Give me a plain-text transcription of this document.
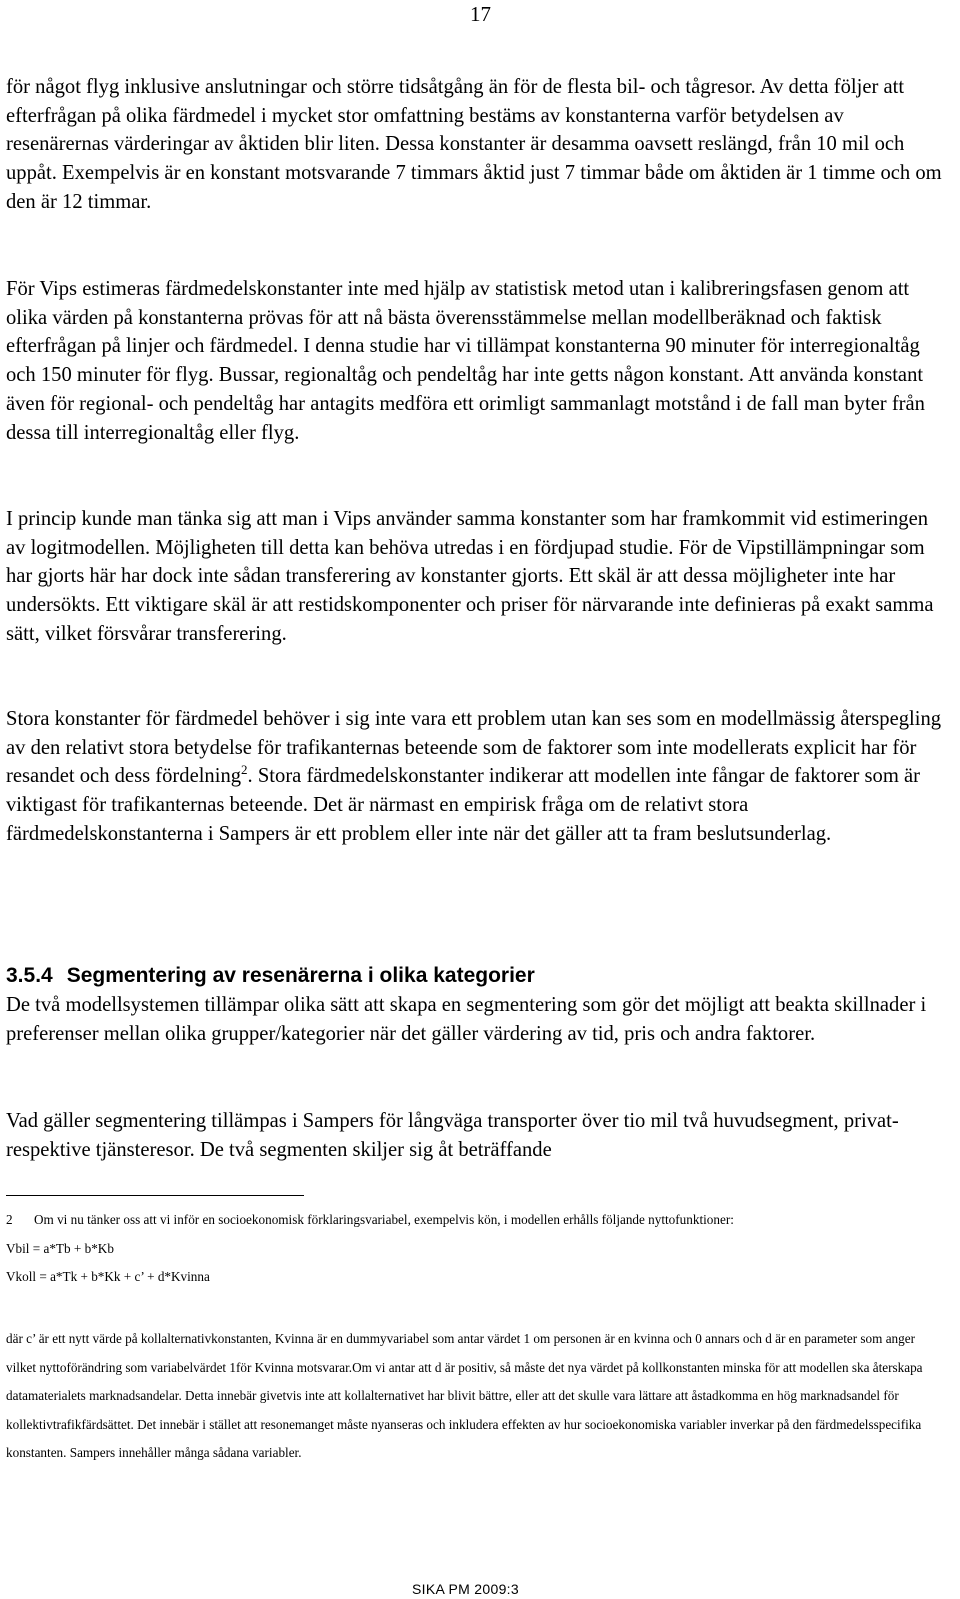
17

för något flyg inklusive anslutningar och större tidsåtgång än för de flesta bil- och tågresor. Av detta följer att efterfrågan på olika färdmedel i mycket stor omfattning bestäms av konstanterna varför betydelsen av resenärernas värderingar av åktiden blir liten. Dessa konstanter är desamma oavsett reslängd, från 10 mil och uppåt. Exempelvis är en konstant motsvarande 7 timmars åktid just 7 timmar både om åktiden är 1 timme och om den är 12 timmar.

För Vips estimeras färdmedelskonstanter inte med hjälp av statistisk metod utan i kalibreringsfasen genom att olika värden på konstanterna prövas för att nå bästa överensstämmelse mellan modellberäknad och faktisk efterfrågan på linjer och färdmedel. I denna studie har vi tillämpat konstanterna 90 minuter för interregionaltåg och 150 minuter för flyg. Bussar, regionaltåg och pendeltåg har inte getts någon konstant. Att använda konstant även för regional- och pendeltåg har antagits medföra ett orimligt sammanlagt motstånd i de fall man byter från dessa till interregionaltåg eller flyg.

I princip kunde man tänka sig att man i Vips använder samma konstanter som har framkommit vid estimeringen av logitmodellen. Möjligheten till detta kan behöva utredas i en fördjupad studie. För de Vipstillämpningar som har gjorts här har dock inte sådan transferering av konstanter gjorts. Ett skäl är att dessa möjligheter inte har undersökts. Ett viktigare skäl är att restidskomponenter och priser för närvarande inte definieras på exakt samma sätt, vilket försvårar transferering.

Stora konstanter för färdmedel behöver i sig inte vara ett problem utan kan ses som en modellmässig återspegling av den relativt stora betydelse för trafikanternas beteende som de faktorer som inte modellerats explicit har för resandet och dess fördelning$^2$. Stora färdmedelskonstanter indikerar att modellen inte fångar de faktorer som är viktigast för trafikanternas beteende. Det är närmast en empirisk fråga om de relativt stora färdmedelskonstanterna i Sampers är ett problem eller inte när det gäller att ta fram beslutsunderlag.

3.5.4 Segmentering av resenärerna i olika kategorier

De två modellsystemen tillämpar olika sätt att skapa en segmentering som gör det möjligt att beakta skillnader i preferenser mellan olika grupper/kategorier när det gäller värdering av tid, pris och andra faktorer.

Vad gäller segmentering tillämpas i Sampers för långväga transporter över tio mil två huvudsegment, privat- respektive tjänsteresor. De två segmenten skiljer sig åt beträffande

2 Om vi nu tänker oss att vi inför en socioekonomisk förklaringsvariabel, exempelvis kön, i modellen erhålls följande nyttofunktioner:

Vbil = a*Tb + b*Kb

Vkoll = a*Tk + b*Kk + c’ + d*Kvinna

där c’ är ett nytt värde på kollalternativkonstanten, Kvinna är en dummyvariabel som antar värdet 1 om personen är en kvinna och 0 annars och d är en parameter som anger vilket nyttoförändring som variabelvärdet 1för Kvinna motsvarar.Om vi antar att d är positiv, så måste det nya värdet på kollkonstanten minska för att modellen ska återskapa datamaterialets marknadsandelar. Detta innebär givetvis inte att kollalternativet har blivit bättre, eller att det skulle vara lättare att åstadkomma en hög marknadsandel för kollektivtrafikfärdsättet. Det innebär i stället att resonemanget måste nyanseras och inkludera effekten av hur socioekonomiska variabler inverkar på den färdmedelsspecifika konstanten. Sampers innehåller många sådana variabler.

SIKA PM 2009:3
